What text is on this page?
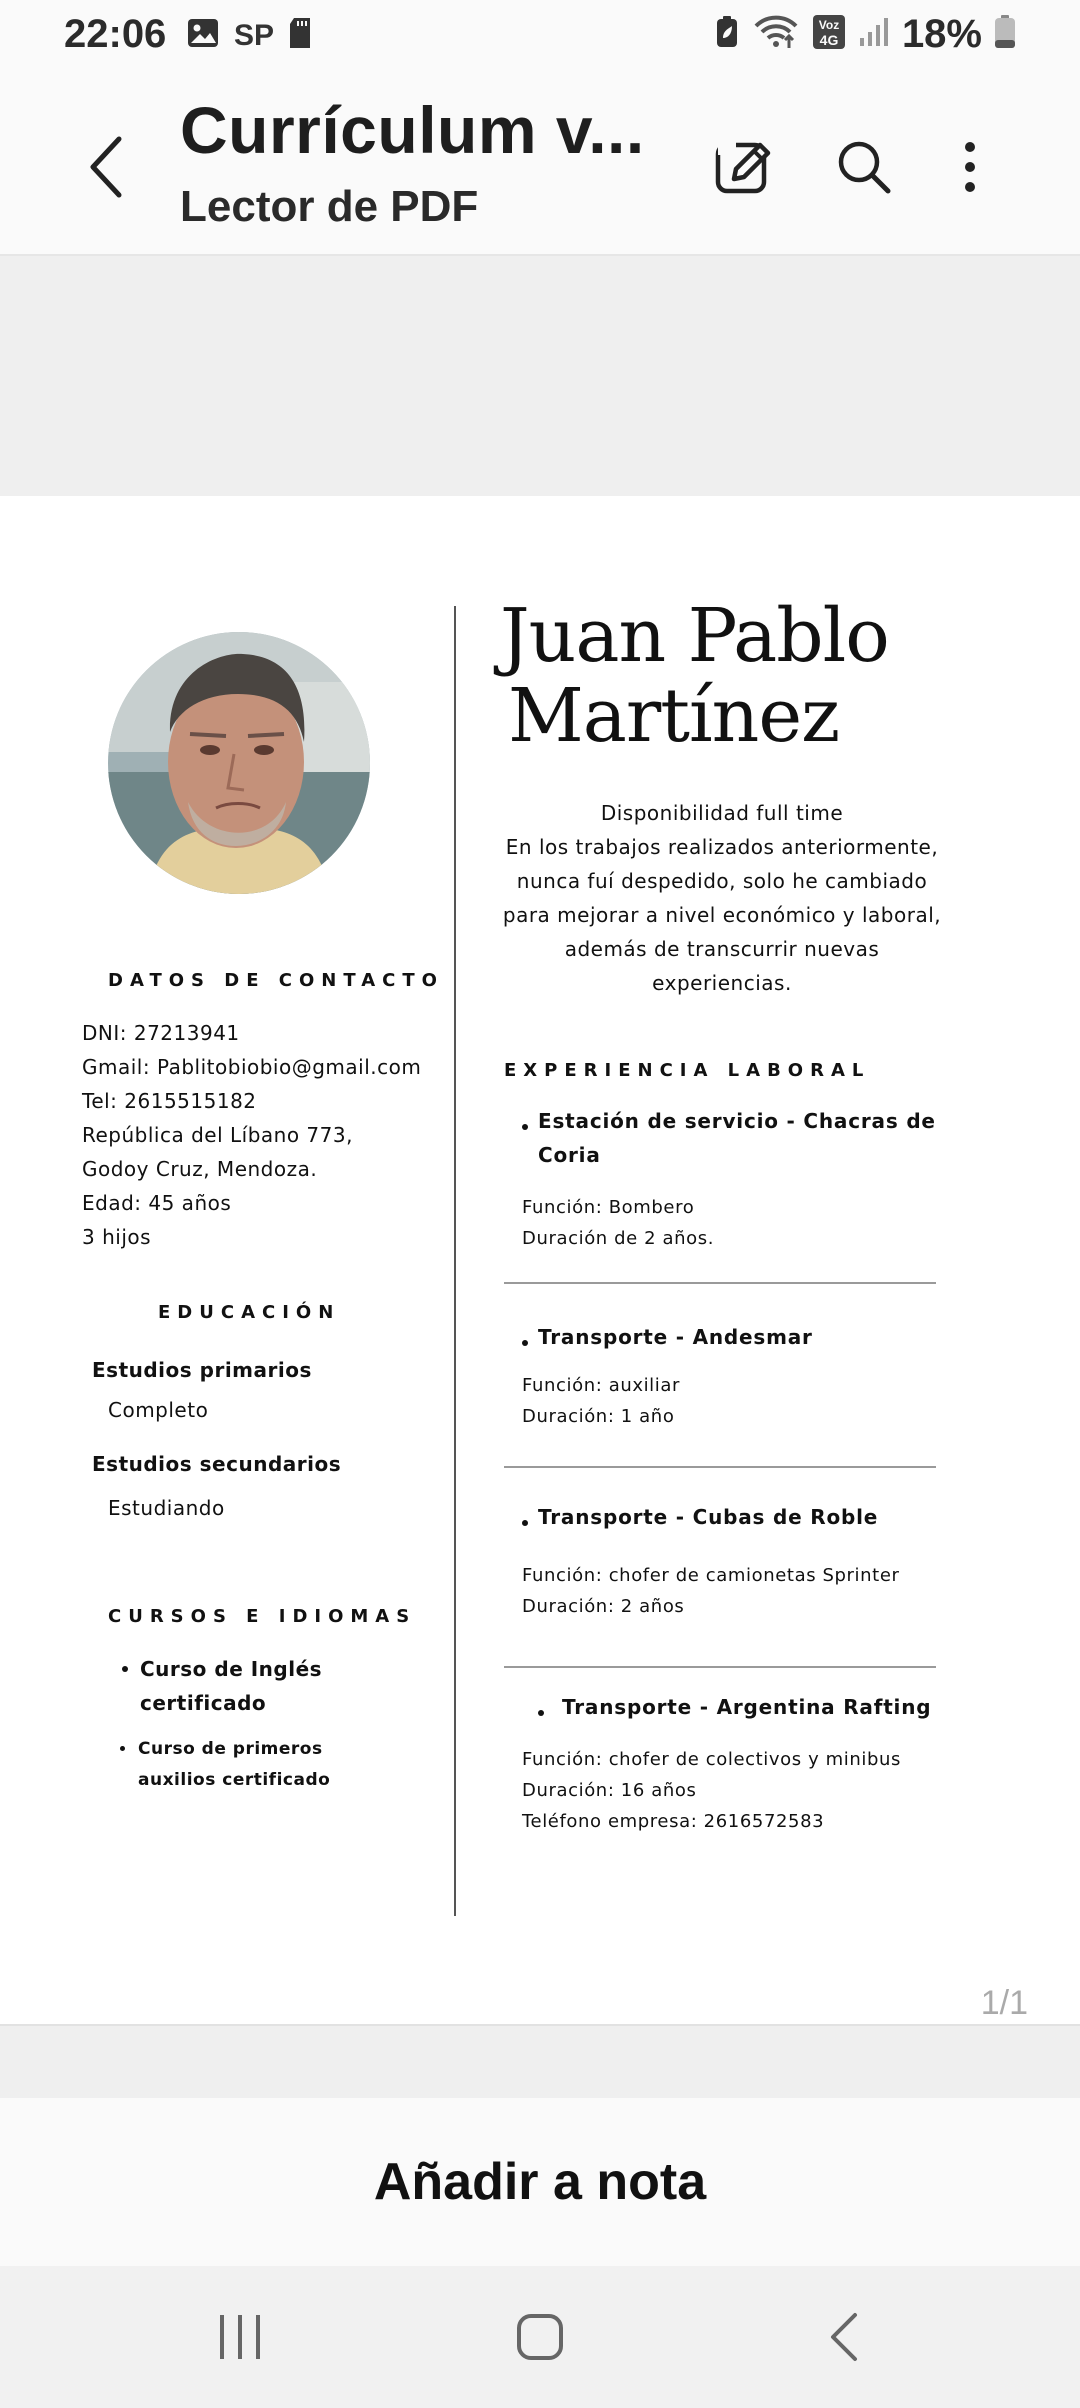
22:06 SP	Voz
4G 18%
Currículum v...
Lector de PDF
DATOS DE CONTACTO
DNI: 27213941
Gmail: Pablitobiobio@gmail.com
Tel: 2615515182
República del Líbano 773,
Godoy Cruz, Mendoza.
Edad: 45 años
3 hijos
EDUCACIÓN
Estudios primarios
Completo
Estudios secundarios
Estudiando
CURSOS E IDIOMAS
Curso de Inglés
certificado
Curso de primeros
auxilios certificado
Juan Pablo
Martínez
Disponibilidad full time
En los trabajos realizados anteriormente,
nunca fuí despedido, solo he cambiado
para mejorar a nivel económico y laboral,
además de transcurrir nuevas
experiencias.
EXPERIENCIA LABORAL
Estación de servicio - Chacras de
Coria
Función: Bombero
Duración de 2 años.
Transporte - Andesmar
Función: auxiliar
Duración: 1 año
Transporte - Cubas de Roble
Función: chofer de camionetas Sprinter
Duración: 2 años
Transporte - Argentina Rafting
Función: chofer de colectivos y minibus
Duración: 16 años
Teléfono empresa: 2616572583
1/1
Añadir a nota
